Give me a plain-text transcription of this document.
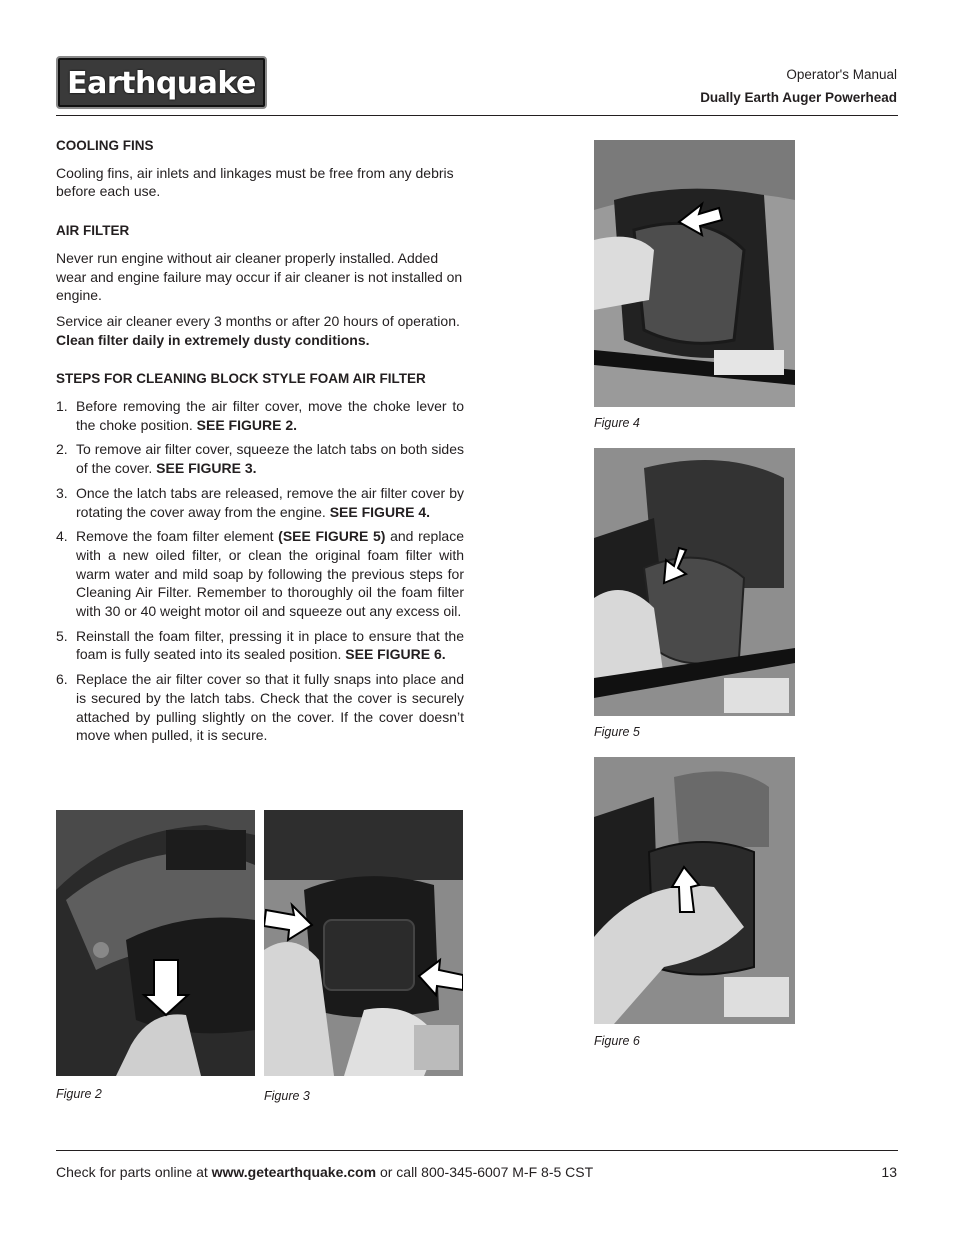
Earthquake	Operator's Manual
Dually Earth Auger Powerhead
COOLING FINS

Cooling fins, air inlets and linkages must be free from any debris before each use.

AIR FILTER

Never run engine without air cleaner properly installed. Added wear and engine failure may occur if air cleaner is not installed on engine.

Service air cleaner every 3 months or after 20 hours of operation.
Clean filter daily in extremely dusty conditions.

STEPS FOR CLEANING BLOCK STYLE FOAM AIR FILTER
1. Before removing the air filter cover, move the choke lever to the choke position. SEE FIGURE 2.
2. To remove air filter cover, squeeze the latch tabs on both sides of the cover. SEE FIGURE 3.
3. Once the latch tabs are released, remove the air filter cover by rotating the cover away from the engine. SEE FIGURE 4.
4. Remove the foam filter element (SEE FIGURE 5) and replace with a new oiled filter, or clean the original foam filter with warm water and mild soap by following the previous steps for Cleaning Air Filter. Remember to thoroughly oil the foam filter with 30 or 40 weight motor oil and squeeze out any excess oil.
5. Reinstall the foam filter, pressing it in place to ensure that the foam is fully seated into its sealed position. SEE FIGURE 6.
6. Replace the air filter cover so that it fully snaps into place and is secured by the latch tabs. Check that the cover is securely attached by pulling slightly on the cover. If the cover doesn’t move when pulled, it is secure.
Figure 2	Figure 3
Figure 4
Figure 5
Figure 6
Check for parts online at www.getearthquake.com or call 800-345-6007 M-F 8-5 CST	13
